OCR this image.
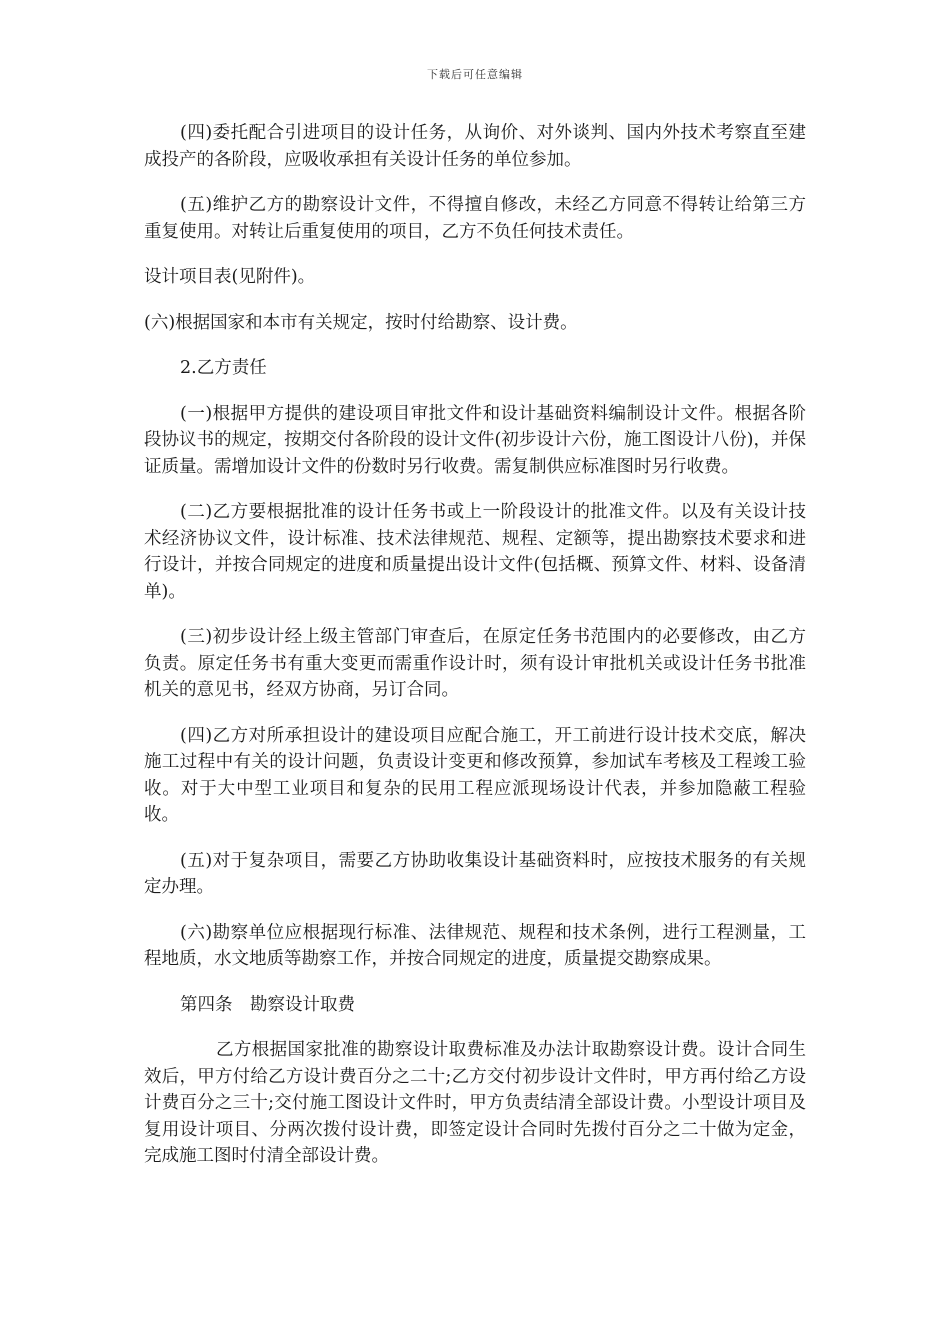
下载后可任意编辑

(四)委托配合引进项目的设计任务，从询价、对外谈判、国内外技术考察直至建成投产的各阶段，应吸收承担有关设计任务的单位参加。

(五)维护乙方的勘察设计文件，不得擅自修改，未经乙方同意不得转让给第三方重复使用。对转让后重复使用的项目，乙方不负任何技术责任。

设计项目表(见附件)。

(六)根据国家和本市有关规定，按时付给勘察、设计费。

2.乙方责任

(一)根据甲方提供的建设项目审批文件和设计基础资料编制设计文件。根据各阶段协议书的规定，按期交付各阶段的设计文件(初步设计六份，施工图设计八份)，并保证质量。需增加设计文件的份数时另行收费。需复制供应标准图时另行收费。

(二)乙方要根据批准的设计任务书或上一阶段设计的批准文件。以及有关设计技术经济协议文件，设计标准、技术法律规范、规程、定额等，提出勘察技术要求和进行设计，并按合同规定的进度和质量提出设计文件(包括概、预算文件、材料、设备清单)。

(三)初步设计经上级主管部门审查后，在原定任务书范围内的必要修改，由乙方负责。原定任务书有重大变更而需重作设计时，须有设计审批机关或设计任务书批准机关的意见书，经双方协商，另订合同。

(四)乙方对所承担设计的建设项目应配合施工，开工前进行设计技术交底，解决施工过程中有关的设计问题，负责设计变更和修改预算，参加试车考核及工程竣工验收。对于大中型工业项目和复杂的民用工程应派现场设计代表，并参加隐蔽工程验收。

(五)对于复杂项目，需要乙方协助收集设计基础资料时，应按技术服务的有关规定办理。

(六)勘察单位应根据现行标准、法律规范、规程和技术条例，进行工程测量，工程地质，水文地质等勘察工作，并按合同规定的进度，质量提交勘察成果。

第四条　勘察设计取费

乙方根据国家批准的勘察设计取费标准及办法计取勘察设计费。设计合同生效后，甲方付给乙方设计费百分之二十;乙方交付初步设计文件时，甲方再付给乙方设计费百分之三十;交付施工图设计文件时，甲方负责结清全部设计费。小型设计项目及复用设计项目、分两次拨付设计费，即签定设计合同时先拨付百分之二十做为定金，完成施工图时付清全部设计费。
